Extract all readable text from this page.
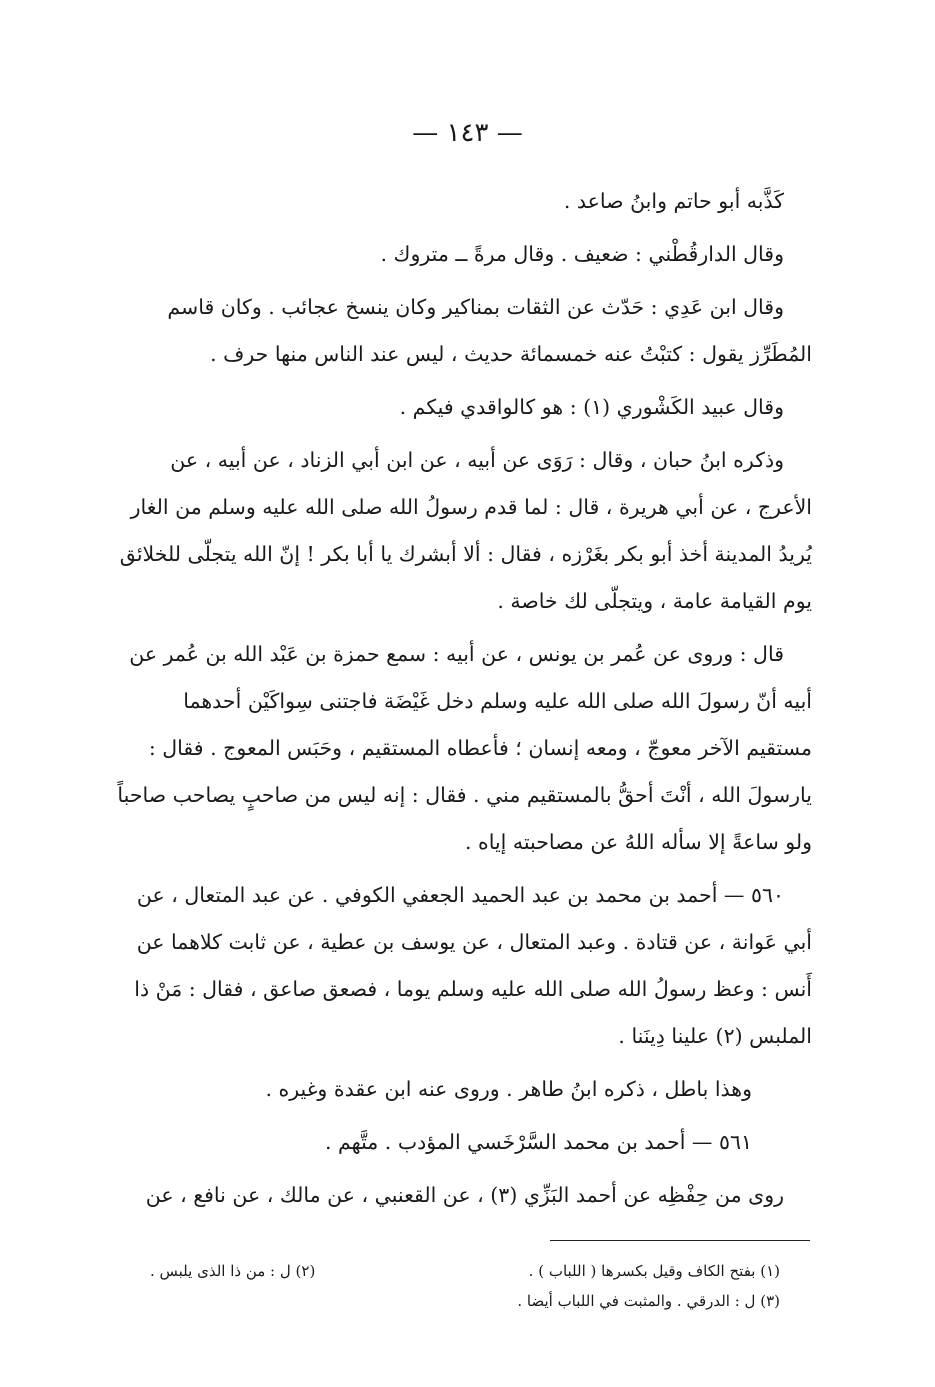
— ١٤٣ —

كَذَّبه أبو حاتم وابنُ صاعد .

وقال الدارقُطْني : ضعيف . وقال مرةً ــ متروك .

وقال ابن عَدِي : حَدّث عن الثقات بمناكير وكان ينسخ عجائب . وكان قاسم المُطَرِّز يقول : كتبْتُ عنه خمسمائة حديث ، ليس عند الناس منها حرف .

وقال عبيد الكَشْوري (١) : هو كالواقدي فيكم .

وذكره ابنُ حبان ، وقال : رَوَى عن أبيه ، عن ابن أبي الزناد ، عن أبيه ، عن الأعرج ، عن أبي هريرة ، قال : لما قدم رسولُ الله صلى الله عليه وسلم من الغار يُريدُ المدينة أخذ أبو بكر بغَرْزه ، فقال : ألا أبشرك يا أبا بكر ! إنّ الله يتجلّى للخلائق يوم القيامة عامة ، ويتجلّى لك خاصة .

قال : وروى عن عُمر بن يونس ، عن أبيه : سمع حمزة بن عَبْد الله بن عُمر عن أبيه أنّ رسولَ الله صلى الله عليه وسلم دخل غَيْضَة فاجتنى سِواكَيْن أحدهما مستقيم الآخر معوجّ ، ومعه إنسان ؛ فأعطاه المستقيم ، وحَبَس المعوج . فقال : يارسولَ الله ، أنْتَ أحقُّ بالمستقيم مني . فقال : إنه ليس من صاحبٍ يصاحب صاحباً ولو ساعةً إلا سأله اللهُ عن مصاحبته إياه .

٥٦٠ — أحمد بن محمد بن عبد الحميد الجعفي الكوفي . عن عبد المتعال ، عن أبي عَوانة ، عن قتادة . وعبد المتعال ، عن يوسف بن عطية ، عن ثابت كلاهما عن أَنس : وعظ رسولُ الله صلى الله عليه وسلم يوما ، فصعق صاعق ، فقال : مَنْ ذا الملبس (٢) علينا دِينَنا .

وهذا باطل ، ذكره ابنُ طاهر . وروى عنه ابن عقدة وغيره .

٥٦١ — أحمد بن محمد السَّرْخَسي المؤدب . متَّهم .

روى من حِفْظِه عن أحمد البَزِّي (٣) ، عن القعنبي ، عن مالك ، عن نافع ، عن

(١) بفتح الكاف وقيل بكسرها ( اللباب ) .
(٢) ل : من ذا الذى يلبس .
(٣) ل : الدرقي . والمثبت في اللباب أيضا .
